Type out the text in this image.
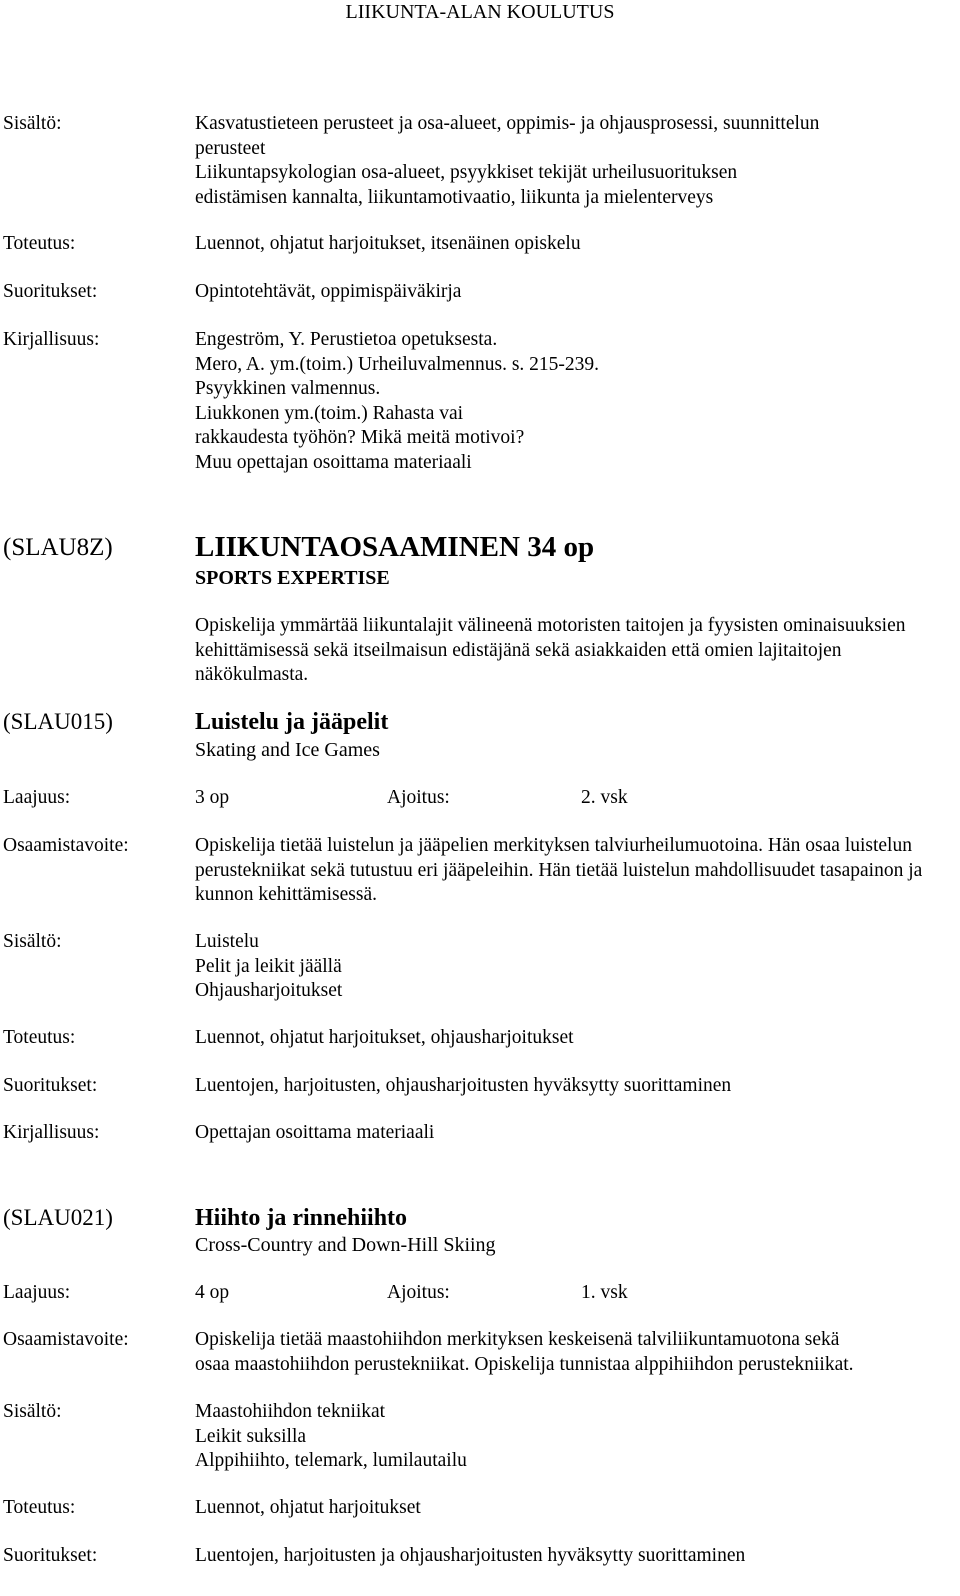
LIIKUNTA-ALAN KOULUTUS
Sisältö:	Kasvatustieteen perusteet ja osa-alueet, oppimis- ja ohjausprosessi, suunnittelun
perusteet
Liikuntapsykologian osa-alueet, psyykkiset tekijät urheilusuorituksen
edistämisen kannalta, liikuntamotivaatio, liikunta ja mielenterveys
Toteutus:	Luennot, ohjatut harjoitukset, itsenäinen opiskelu
Suoritukset:	Opintotehtävät, oppimispäiväkirja
Kirjallisuus:	Engeström, Y. Perustietoa opetuksesta.
Mero, A. ym.(toim.) Urheiluvalmennus. s. 215-239.
Psyykkinen valmennus.
Liukkonen ym.(toim.) Rahasta vai
rakkaudesta työhön? Mikä meitä motivoi?
Muu opettajan osoittama materiaali
(SLAU8Z)	LIIKUNTAOSAAMINEN 34 op
SPORTS EXPERTISE
Opiskelija ymmärtää liikuntalajit välineenä motoristen taitojen ja fyysisten ominaisuuksien kehittämisessä sekä itseilmaisun edistäjänä sekä asiakkaiden että omien lajitaitojen näkökulmasta.
(SLAU015)	Luistelu ja jääpelit
Skating and Ice Games
Laajuus:	3 op	Ajoitus:	2. vsk
Osaamistavoite:	Opiskelija tietää luistelun ja jääpelien merkityksen talviurheilumuotoina. Hän osaa luistelun perustekniikat sekä tutustuu eri jääpeleihin. Hän tietää luistelun mahdollisuudet tasapainon ja kunnon kehittämisessä.
Sisältö:	Luistelu
Pelit ja leikit jäällä
Ohjausharjoitukset
Toteutus:	Luennot, ohjatut harjoitukset, ohjausharjoitukset
Suoritukset:	Luentojen, harjoitusten, ohjausharjoitusten hyväksytty suorittaminen
Kirjallisuus:	Opettajan osoittama materiaali
(SLAU021)	Hiihto ja rinnehiihto
Cross-Country and Down-Hill Skiing
Laajuus:	4 op	Ajoitus:	1. vsk
Osaamistavoite:	Opiskelija tietää maastohiihdon merkityksen keskeisenä talviliikuntamuotona sekä
osaa maastohiihdon perustekniikat. Opiskelija tunnistaa alppihiihdon perustekniikat.
Sisältö:	Maastohiihdon tekniikat
Leikit suksilla
Alppihiihto, telemark, lumilautailu
Toteutus:	Luennot, ohjatut harjoitukset
Suoritukset:	Luentojen, harjoitusten ja ohjausharjoitusten hyväksytty suorittaminen
